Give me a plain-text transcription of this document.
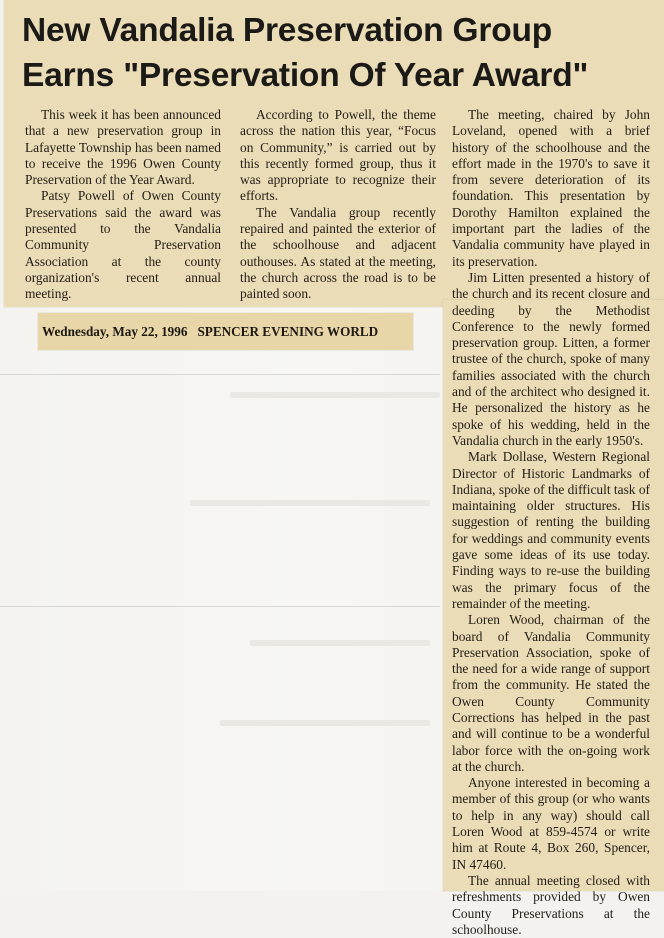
New Vandalia Preservation Group
Earns "Preservation Of Year Award"

This week it has been announced that a new preservation group in Lafayette Township has been named to receive the 1996 Owen County Preservation of the Year Award.

Patsy Powell of Owen County Preservations said the award was presented to the Vandalia Community Preservation Association at the county organization's recent annual meeting.

According to Powell, the theme across the nation this year, “Focus on Community,” is carried out by this recently formed group, thus it was appropriate to recognize their efforts.

The Vandalia group recently repaired and painted the exterior of the schoolhouse and adjacent outhouses. As stated at the meeting, the church across the road is to be painted soon.

The meeting, chaired by John Loveland, opened with a brief history of the schoolhouse and the effort made in the 1970's to save it from severe deterioration of its foundation. This presentation by Dorothy Hamilton explained the important part the ladies of the Vandalia community have played in its preservation.

Jim Litten presented a history of the church and its recent closure and deeding by the Methodist Conference to the newly formed preservation group. Litten, a former trustee of the church, spoke of many families associated with the church and of the architect who designed it. He personalized the history as he spoke of his wedding, held in the Vandalia church in the early 1950's.

Mark Dollase, Western Regional Director of Historic Landmarks of Indiana, spoke of the difficult task of maintaining older structures. His suggestion of renting the building for weddings and community events gave some ideas of its use today. Finding ways to re-use the building was the primary focus of the remainder of the meeting.

Loren Wood, chairman of the board of Vandalia Community Preservation Association, spoke of the need for a wide range of support from the community. He stated the Owen County Community Corrections has helped in the past and will continue to be a wonderful labor force with the on-going work at the church.

Anyone interested in becoming a member of this group (or who wants to help in any way) should call Loren Wood at 859-4574 or write him at Route 4, Box 260, Spencer, IN 47460.

The annual meeting closed with refreshments provided by Owen County Preservations at the schoolhouse.

Wednesday, May 22, 1996 SPENCER EVENING WORLD
